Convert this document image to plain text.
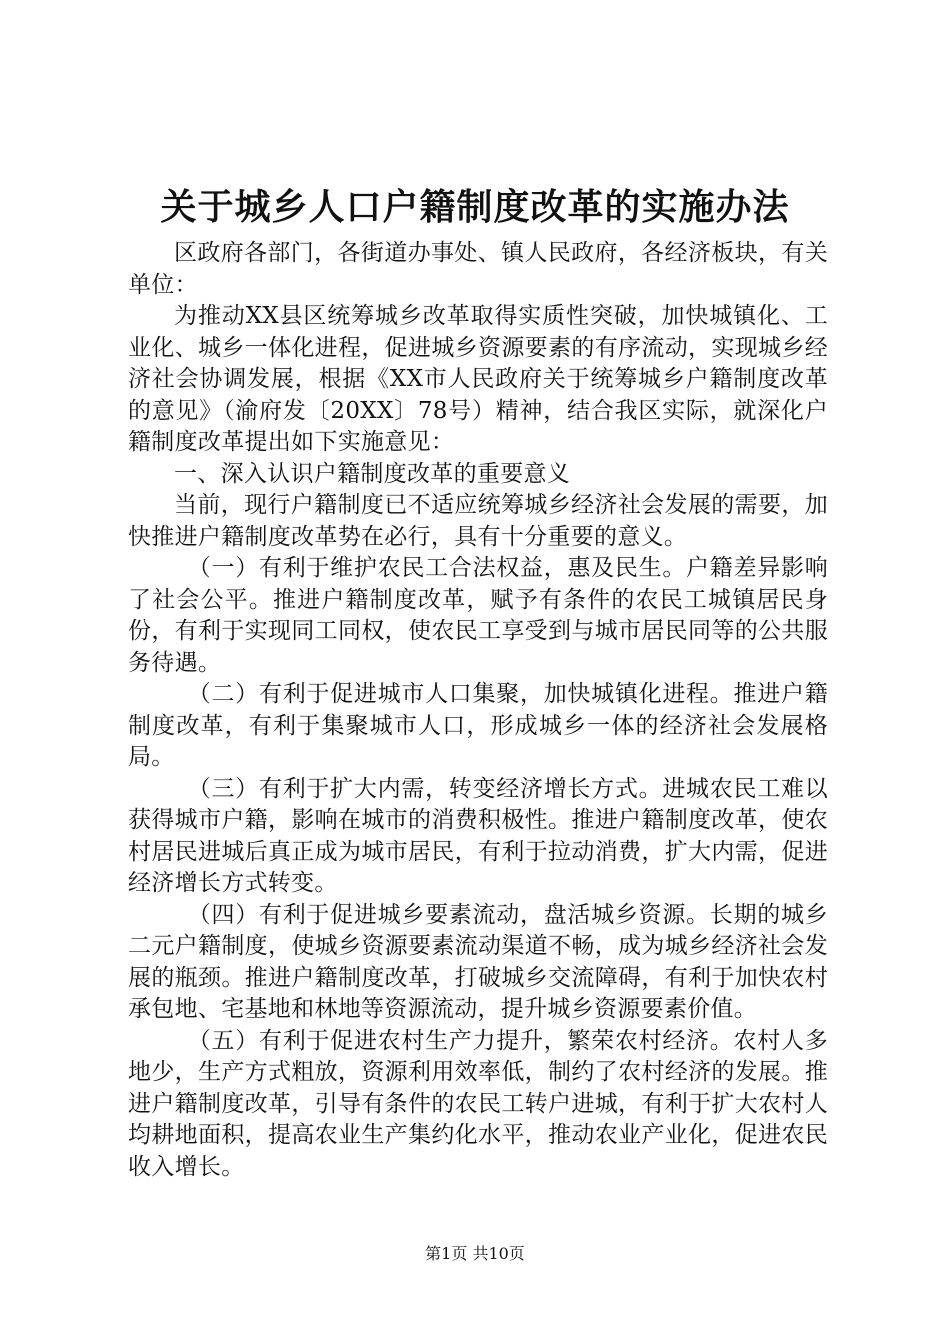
关于城乡人口户籍制度改革的实施办法

区政府各部门，各街道办事处、镇人民政府，各经济板块，有关单位：

为推动XX县区统筹城乡改革取得实质性突破，加快城镇化、工业化、城乡一体化进程，促进城乡资源要素的有序流动，实现城乡经济社会协调发展，根据《XX市人民政府关于统筹城乡户籍制度改革的意见》（渝府发〔20XX〕78号）精神，结合我区实际，就深化户籍制度改革提出如下实施意见：

一、深入认识户籍制度改革的重要意义

当前，现行户籍制度已不适应统筹城乡经济社会发展的需要，加快推进户籍制度改革势在必行，具有十分重要的意义。

（一）有利于维护农民工合法权益，惠及民生。户籍差异影响了社会公平。推进户籍制度改革，赋予有条件的农民工城镇居民身份，有利于实现同工同权，使农民工享受到与城市居民同等的公共服务待遇。

（二）有利于促进城市人口集聚，加快城镇化进程。推进户籍制度改革，有利于集聚城市人口，形成城乡一体的经济社会发展格局。

（三）有利于扩大内需，转变经济增长方式。进城农民工难以获得城市户籍，影响在城市的消费积极性。推进户籍制度改革，使农村居民进城后真正成为城市居民，有利于拉动消费，扩大内需，促进经济增长方式转变。

（四）有利于促进城乡要素流动，盘活城乡资源。长期的城乡二元户籍制度，使城乡资源要素流动渠道不畅，成为城乡经济社会发展的瓶颈。推进户籍制度改革，打破城乡交流障碍，有利于加快农村承包地、宅基地和林地等资源流动，提升城乡资源要素价值。

（五）有利于促进农村生产力提升，繁荣农村经济。农村人多地少，生产方式粗放，资源利用效率低，制约了农村经济的发展。推进户籍制度改革，引导有条件的农民工转户进城，有利于扩大农村人均耕地面积，提高农业生产集约化水平，推动农业产业化，促进农民收入增长。

第1页 共10页
